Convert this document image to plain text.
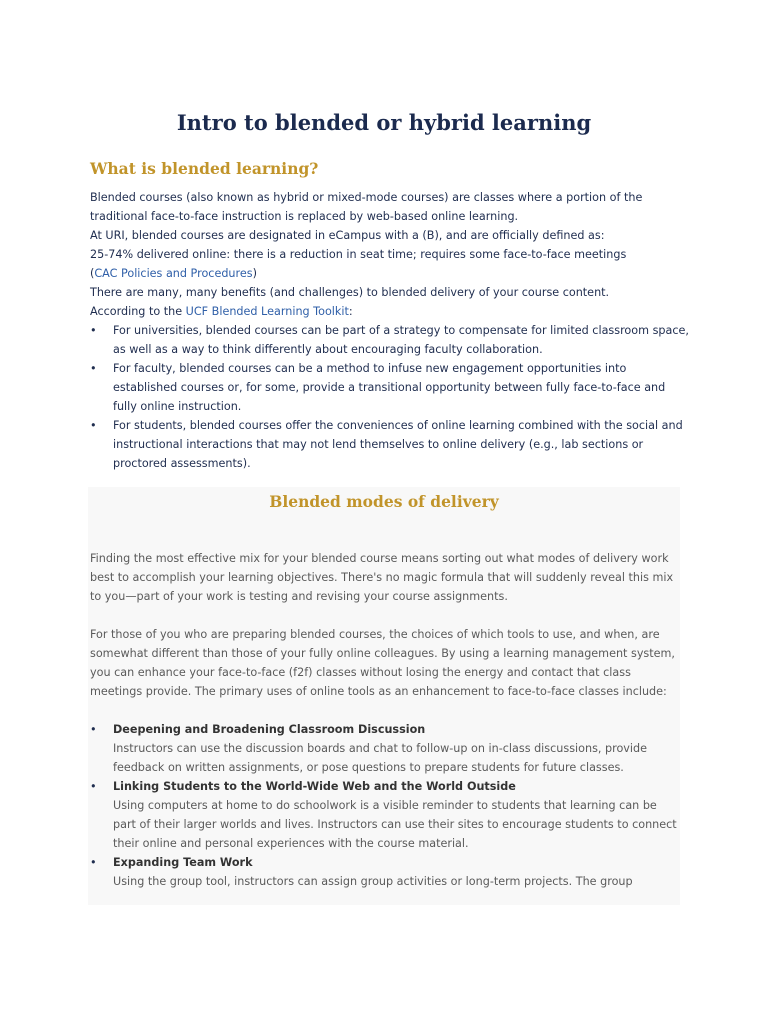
Intro to blended or hybrid learning
What is blended learning?

Blended courses (also known as hybrid or mixed-mode courses) are classes where a portion of the traditional face-to-face instruction is replaced by web-based online learning.

At URI, blended courses are designated in eCampus with a (B), and are officially defined as:

25-74% delivered online: there is a reduction in seat time; requires some face-to-face meetings

(CAC Policies and Procedures)

There are many, many benefits (and challenges) to blended delivery of your course content.

According to the UCF Blended Learning Toolkit:

• For universities, blended courses can be part of a strategy to compensate for limited classroom space, as well as a way to think differently about encouraging faculty collaboration.
• For faculty, blended courses can be a method to infuse new engagement opportunities into established courses or, for some, provide a transitional opportunity between fully face-to-face and fully online instruction.
• For students, blended courses offer the conveniences of online learning combined with the social and instructional interactions that may not lend themselves to online delivery (e.g., lab sections or proctored assessments).
Blended modes of delivery

Finding the most effective mix for your blended course means sorting out what modes of delivery work best to accomplish your learning objectives. There's no magic formula that will suddenly reveal this mix to you—part of your work is testing and revising your course assignments.

For those of you who are preparing blended courses, the choices of which tools to use, and when, are somewhat different than those of your fully online colleagues. By using a learning management system, you can enhance your face-to-face (f2f) classes without losing the energy and contact that class meetings provide. The primary uses of online tools as an enhancement to face-to-face classes include:

• Deepening and Broadening Classroom Discussion
Instructors can use the discussion boards and chat to follow-up on in-class discussions, provide feedback on written assignments, or pose questions to prepare students for future classes.
• Linking Students to the World-Wide Web and the World Outside
Using computers at home to do schoolwork is a visible reminder to students that learning can be part of their larger worlds and lives. Instructors can use their sites to encourage students to connect their online and personal experiences with the course material.
• Expanding Team Work
Using the group tool, instructors can assign group activities or long-term projects. The group
